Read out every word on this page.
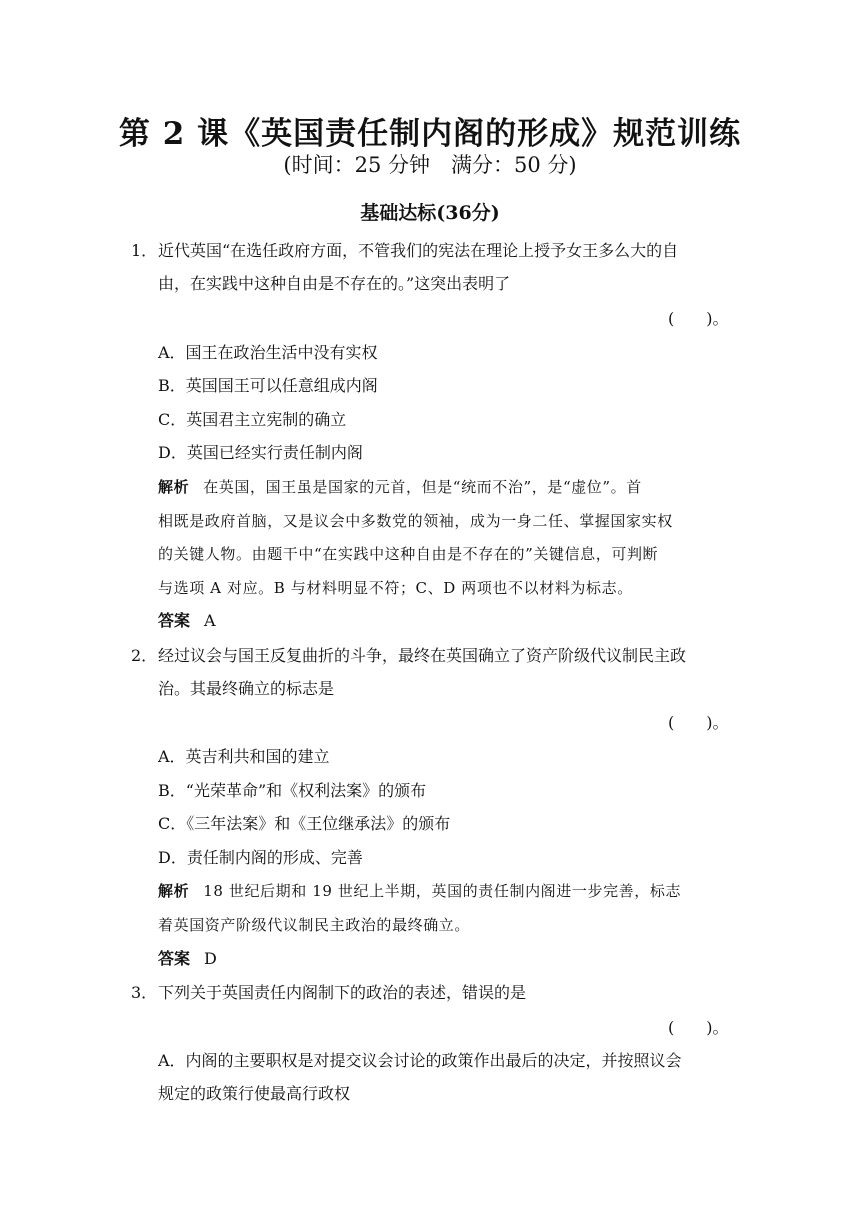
第 2 课《英国责任制内阁的形成》规范训练
(时间：25 分钟　满分：50 分)
基础达标(36分)
1． 近代英国“在选任政府方面，不管我们的宪法在理论上授予女王多么大的自
由，在实践中这种自由是不存在的。”这突出表明了
(　　)。
A．国王在政治生活中没有实权
B．英国国王可以任意组成内阁
C．英国君主立宪制的确立
D．英国已经实行责任制内阁
解析 在英国，国王虽是国家的元首，但是“统而不治”，是“虚位”。首
相既是政府首脑，又是议会中多数党的领袖，成为一身二任、掌握国家实权
的关键人物。由题干中“在实践中这种自由是不存在的”关键信息，可判断
与选项 A 对应。B 与材料明显不符；C、D 两项也不以材料为标志。
答案 A
2． 经过议会与国王反复曲折的斗争，最终在英国确立了资产阶级代议制民主政
治。其最终确立的标志是
(　　)。
A．英吉利共和国的建立
B．“光荣革命”和《权利法案》的颁布
C．《三年法案》和《王位继承法》的颁布
D．责任制内阁的形成、完善
解析 18 世纪后期和 19 世纪上半期，英国的责任制内阁进一步完善，标志
着英国资产阶级代议制民主政治的最终确立。
答案 D
3． 下列关于英国责任内阁制下的政治的表述，错误的是
(　　)。
A．内阁的主要职权是对提交议会讨论的政策作出最后的决定，并按照议会
规定的政策行使最高行政权
